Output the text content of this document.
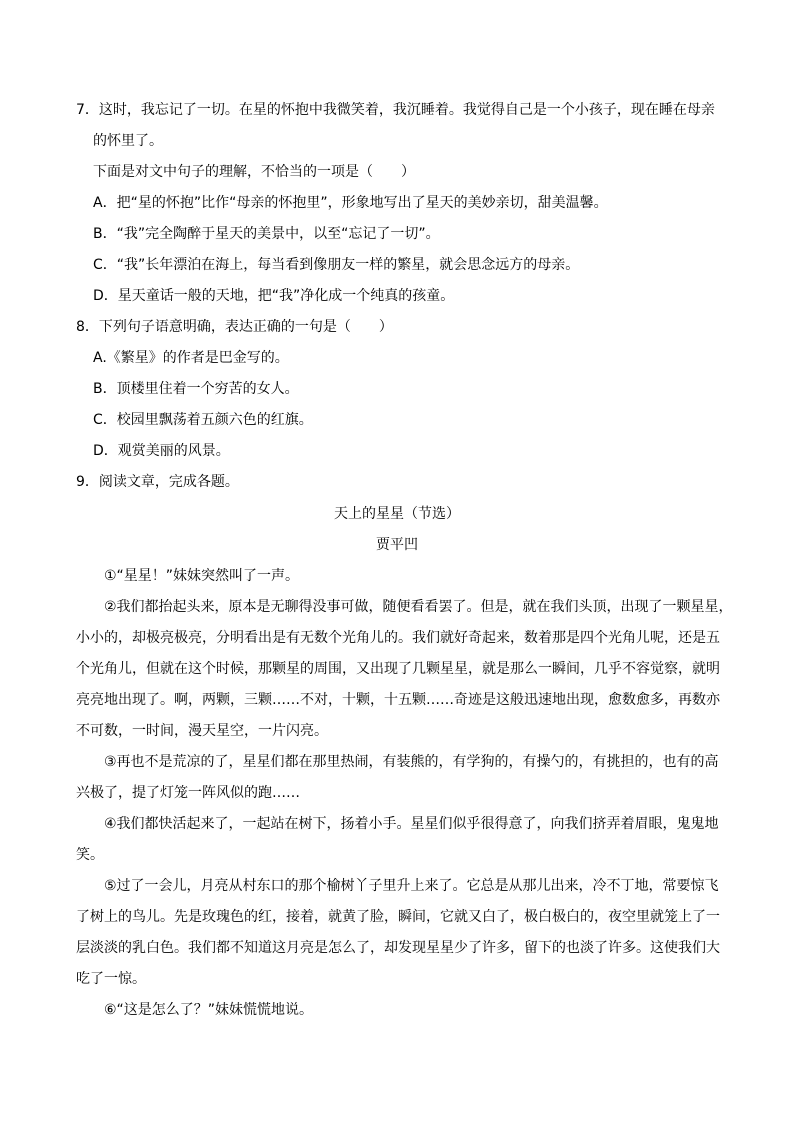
7．这时，我忘记了一切。在星的怀抱中我微笑着，我沉睡着。我觉得自己是一个小孩子，现在睡在母亲
的怀里了。
下面是对文中句子的理解，不恰当的一项是（　　）
A．把“星的怀抱”比作“母亲的怀抱里”，形象地写出了星天的美妙亲切，甜美温馨。
B．“我”完全陶醉于星天的美景中，以至“忘记了一切”。
C．“我”长年漂泊在海上，每当看到像朋友一样的繁星，就会思念远方的母亲。
D．星天童话一般的天地，把“我”净化成一个纯真的孩童。
8．下列句子语意明确，表达正确的一句是（　　）
A.《繁星》的作者是巴金写的。
B．顶楼里住着一个穷苦的女人。
C．校园里飘荡着五颜六色的红旗。
D．观赏美丽的风景。
9．阅读文章，完成各题。
天上的星星（节选）
贾平凹
①“星星！”妹妹突然叫了一声。
②我们都抬起头来，原本是无聊得没事可做，随便看看罢了。但是，就在我们头顶，出现了一颗星星，
小小的，却极亮极亮，分明看出是有无数个光角儿的。我们就好奇起来，数着那是四个光角儿呢，还是五
个光角儿，但就在这个时候，那颗星的周围，又出现了几颗星星，就是那么一瞬间，几乎不容觉察，就明
亮亮地出现了。啊，两颗，三颗……不对，十颗，十五颗……奇迹是这般迅速地出现，愈数愈多，再数亦
不可数，一时间，漫天星空，一片闪亮。
③再也不是荒凉的了，星星们都在那里热闹，有装熊的，有学狗的，有操勺的，有挑担的，也有的高
兴极了，提了灯笼一阵风似的跑……
④我们都快活起来了，一起站在树下，扬着小手。星星们似乎很得意了，向我们挤弄着眉眼，鬼鬼地
笑。
⑤过了一会儿，月亮从村东口的那个榆树丫子里升上来了。它总是从那儿出来，冷不丁地，常要惊飞
了树上的鸟儿。先是玫瑰色的红，接着，就黄了脸，瞬间，它就又白了，极白极白的，夜空里就笼上了一
层淡淡的乳白色。我们都不知道这月亮是怎么了，却发现星星少了许多，留下的也淡了许多。这使我们大
吃了一惊。
⑥“这是怎么了？”妹妹慌慌地说。
